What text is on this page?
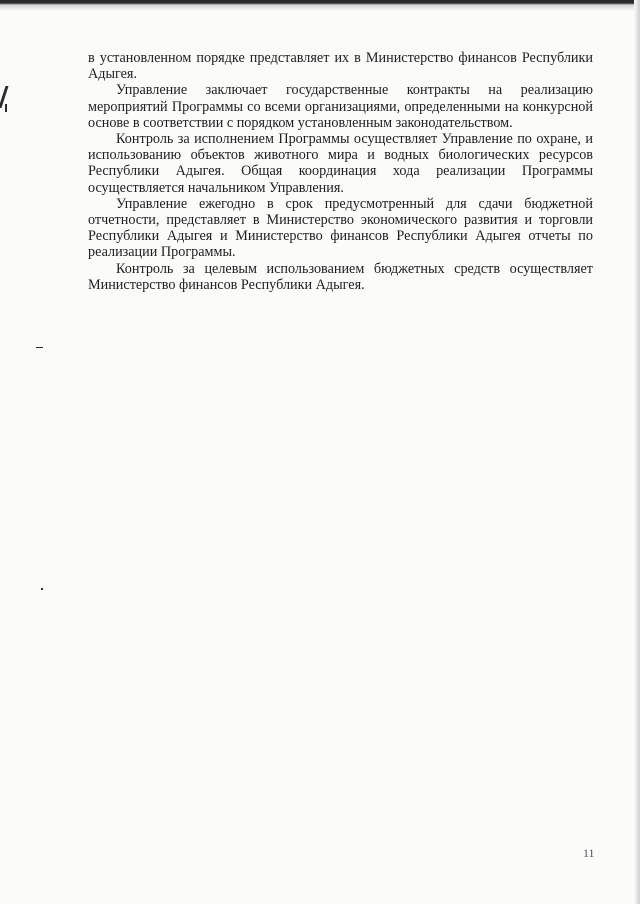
в установленном порядке представляет их в Министерство финансов Республики Адыгея.

Управление заключает государственные контракты на реализацию мероприятий Программы со всеми организациями, определенными на конкурсной основе в соответствии с порядком установленным законодательством.

Контроль за исполнением Программы осуществляет Управление по охране, и использованию объектов животного мира и водных биологических ресурсов Республики Адыгея. Общая координация хода реализации Программы осуществляется начальником Управления.

Управление ежегодно в срок предусмотренный для сдачи бюджетной отчетности, представляет в Министерство экономического развития и торговли Республики Адыгея и Министерство финансов Республики Адыгея отчеты по реализации Программы.

Контроль за целевым использованием бюджетных средств осуществляет Министерство финансов Республики Адыгея.

11
